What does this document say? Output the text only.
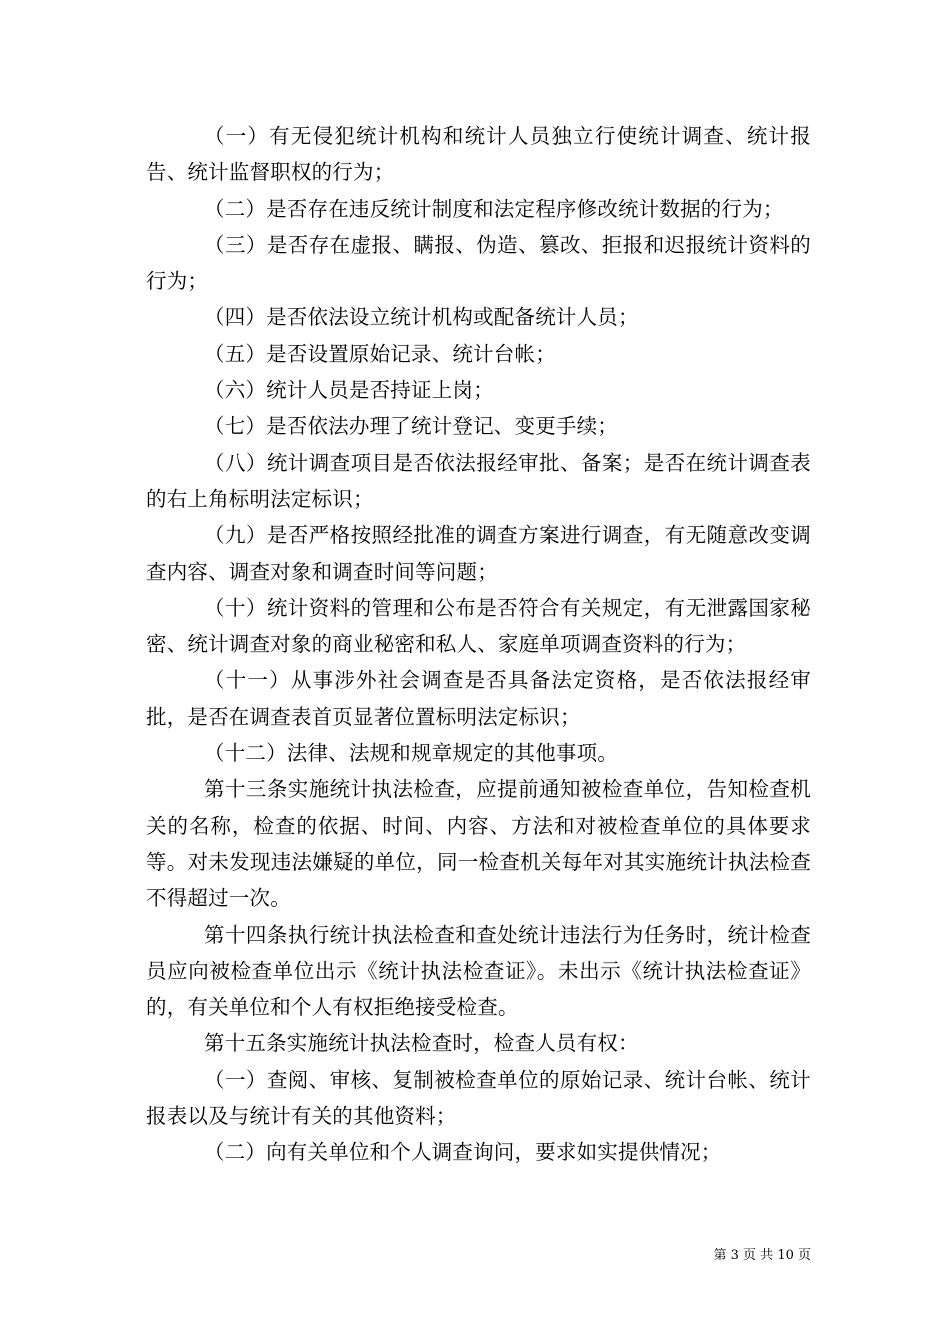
（一）有无侵犯统计机构和统计人员独立行使统计调查、统计报告、统计监督职权的行为；

（二）是否存在违反统计制度和法定程序修改统计数据的行为；

（三）是否存在虚报、瞒报、伪造、篡改、拒报和迟报统计资料的行为；

（四）是否依法设立统计机构或配备统计人员；

（五）是否设置原始记录、统计台帐；

（六）统计人员是否持证上岗；

（七）是否依法办理了统计登记、变更手续；

（八）统计调查项目是否依法报经审批、备案；是否在统计调查表的右上角标明法定标识；

（九）是否严格按照经批准的调查方案进行调查，有无随意改变调查内容、调查对象和调查时间等问题；

（十）统计资料的管理和公布是否符合有关规定，有无泄露国家秘密、统计调查对象的商业秘密和私人、家庭单项调查资料的行为；

（十一）从事涉外社会调查是否具备法定资格，是否依法报经审批，是否在调查表首页显著位置标明法定标识；

（十二）法律、法规和规章规定的其他事项。

第十三条实施统计执法检查，应提前通知被检查单位，告知检查机关的名称，检查的依据、时间、内容、方法和对被检查单位的具体要求等。对未发现违法嫌疑的单位，同一检查机关每年对其实施统计执法检查不得超过一次。

第十四条执行统计执法检查和查处统计违法行为任务时，统计检查员应向被检查单位出示《统计执法检查证》。未出示《统计执法检查证》的，有关单位和个人有权拒绝接受检查。

第十五条实施统计执法检查时，检查人员有权：

（一）查阅、审核、复制被检查单位的原始记录、统计台帐、统计报表以及与统计有关的其他资料；

（二）向有关单位和个人调查询问，要求如实提供情况；

第 3 页 共 10 页
